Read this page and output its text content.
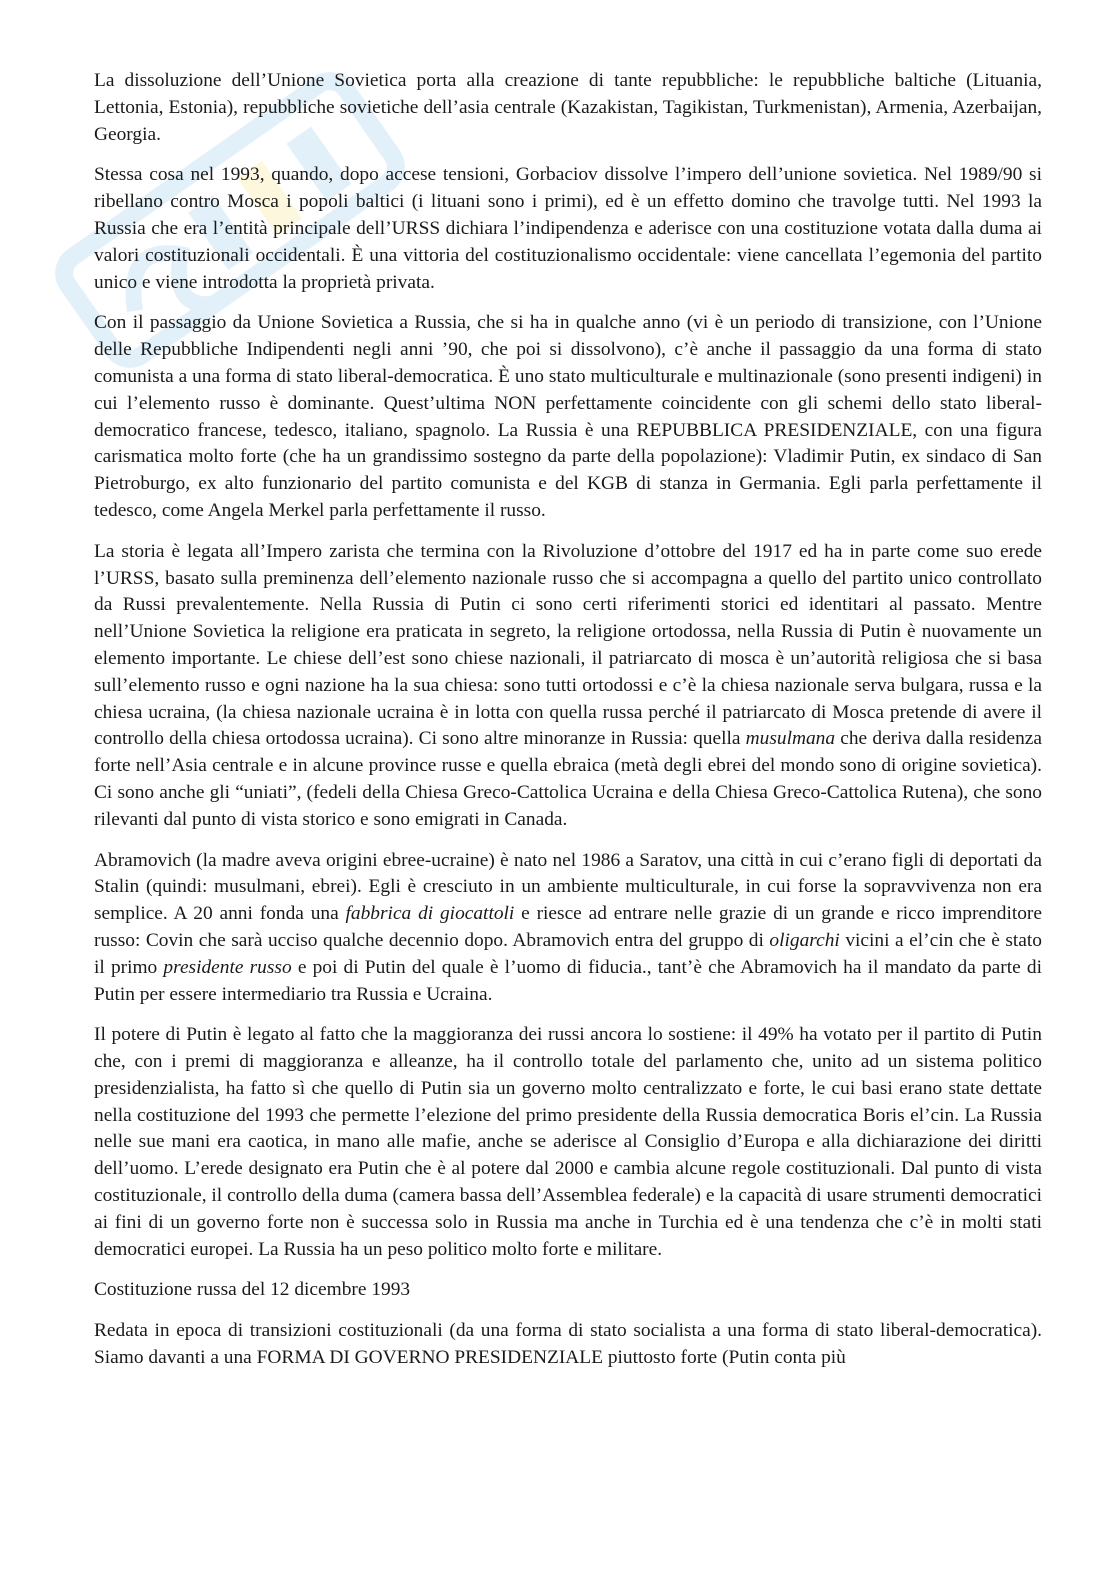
La dissoluzione dell’Unione Sovietica porta alla creazione di tante repubbliche: le repubbliche baltiche (Lituania, Lettonia, Estonia), repubbliche sovietiche dell’asia centrale (Kazakistan, Tagikistan, Turkmenistan), Armenia, Azerbaijan, Georgia.

Stessa cosa nel 1993, quando, dopo accese tensioni, Gorbaciov dissolve l’impero dell’unione sovietica. Nel 1989/90 si ribellano contro Mosca i popoli baltici (i lituani sono i primi), ed è un effetto domino che travolge tutti. Nel 1993 la Russia che era l’entità principale dell’URSS dichiara l’indipendenza e aderisce con una costituzione votata dalla duma ai valori costituzionali occidentali. È una vittoria del costituzionalismo occidentale: viene cancellata l’egemonia del partito unico e viene introdotta la proprietà privata.

Con il passaggio da Unione Sovietica a Russia, che si ha in qualche anno (vi è un periodo di transizione, con l’Unione delle Repubbliche Indipendenti negli anni ’90, che poi si dissolvono), c’è anche il passaggio da una forma di stato comunista a una forma di stato liberal-democratica. È uno stato multiculturale e multinazionale (sono presenti indigeni) in cui l’elemento russo è dominante. Quest’ultima NON perfettamente coincidente con gli schemi dello stato liberal-democratico francese, tedesco, italiano, spagnolo. La Russia è una REPUBBLICA PRESIDENZIALE, con una figura carismatica molto forte (che ha un grandissimo sostegno da parte della popolazione): Vladimir Putin, ex sindaco di San Pietroburgo, ex alto funzionario del partito comunista e del KGB di stanza in Germania. Egli parla perfettamente il tedesco, come Angela Merkel parla perfettamente il russo.

La storia è legata all’Impero zarista che termina con la Rivoluzione d’ottobre del 1917 ed ha in parte come suo erede l’URSS, basato sulla preminenza dell’elemento nazionale russo che si accompagna a quello del partito unico controllato da Russi prevalentemente. Nella Russia di Putin ci sono certi riferimenti storici ed identitari al passato. Mentre nell’Unione Sovietica la religione era praticata in segreto, la religione ortodossa, nella Russia di Putin è nuovamente un elemento importante. Le chiese dell’est sono chiese nazionali, il patriarcato di mosca è un’autorità religiosa che si basa sull’elemento russo e ogni nazione ha la sua chiesa: sono tutti ortodossi e c’è la chiesa nazionale serva bulgara, russa e la chiesa ucraina, (la chiesa nazionale ucraina è in lotta con quella russa perché il patriarcato di Mosca pretende di avere il controllo della chiesa ortodossa ucraina). Ci sono altre minoranze in Russia: quella musulmana che deriva dalla residenza forte nell’Asia centrale e in alcune province russe e quella ebraica (metà degli ebrei del mondo sono di origine sovietica). Ci sono anche gli “uniati”, (fedeli della Chiesa Greco-Cattolica Ucraina e della Chiesa Greco-Cattolica Rutena), che sono rilevanti dal punto di vista storico e sono emigrati in Canada.

Abramovich (la madre aveva origini ebree-ucraine) è nato nel 1986 a Saratov, una città in cui c’erano figli di deportati da Stalin (quindi: musulmani, ebrei). Egli è cresciuto in un ambiente multiculturale, in cui forse la sopravvivenza non era semplice. A 20 anni fonda una fabbrica di giocattoli e riesce ad entrare nelle grazie di un grande e ricco imprenditore russo: Covin che sarà ucciso qualche decennio dopo. Abramovich entra del gruppo di oligarchi vicini a el’cin che è stato il primo presidente russo e poi di Putin del quale è l’uomo di fiducia., tant’è che Abramovich ha il mandato da parte di Putin per essere intermediario tra Russia e Ucraina.

Il potere di Putin è legato al fatto che la maggioranza dei russi ancora lo sostiene: il 49% ha votato per il partito di Putin che, con i premi di maggioranza e alleanze, ha il controllo totale del parlamento che, unito ad un sistema politico presidenzialista, ha fatto sì che quello di Putin sia un governo molto centralizzato e forte, le cui basi erano state dettate nella costituzione del 1993 che permette l’elezione del primo presidente della Russia democratica Boris el’cin. La Russia nelle sue mani era caotica, in mano alle mafie, anche se aderisce al Consiglio d’Europa e alla dichiarazione dei diritti dell’uomo. L’erede designato era Putin che è al potere dal 2000 e cambia alcune regole costituzionali. Dal punto di vista costituzionale, il controllo della duma (camera bassa dell’Assemblea federale) e la capacità di usare strumenti democratici ai fini di un governo forte non è successa solo in Russia ma anche in Turchia ed è una tendenza che c’è in molti stati democratici europei. La Russia ha un peso politico molto forte e militare.

Costituzione russa del 12 dicembre 1993

Redata in epoca di transizioni costituzionali (da una forma di stato socialista a una forma di stato liberal-democratica). Siamo davanti a una FORMA DI GOVERNO PRESIDENZIALE piuttosto forte (Putin conta più
